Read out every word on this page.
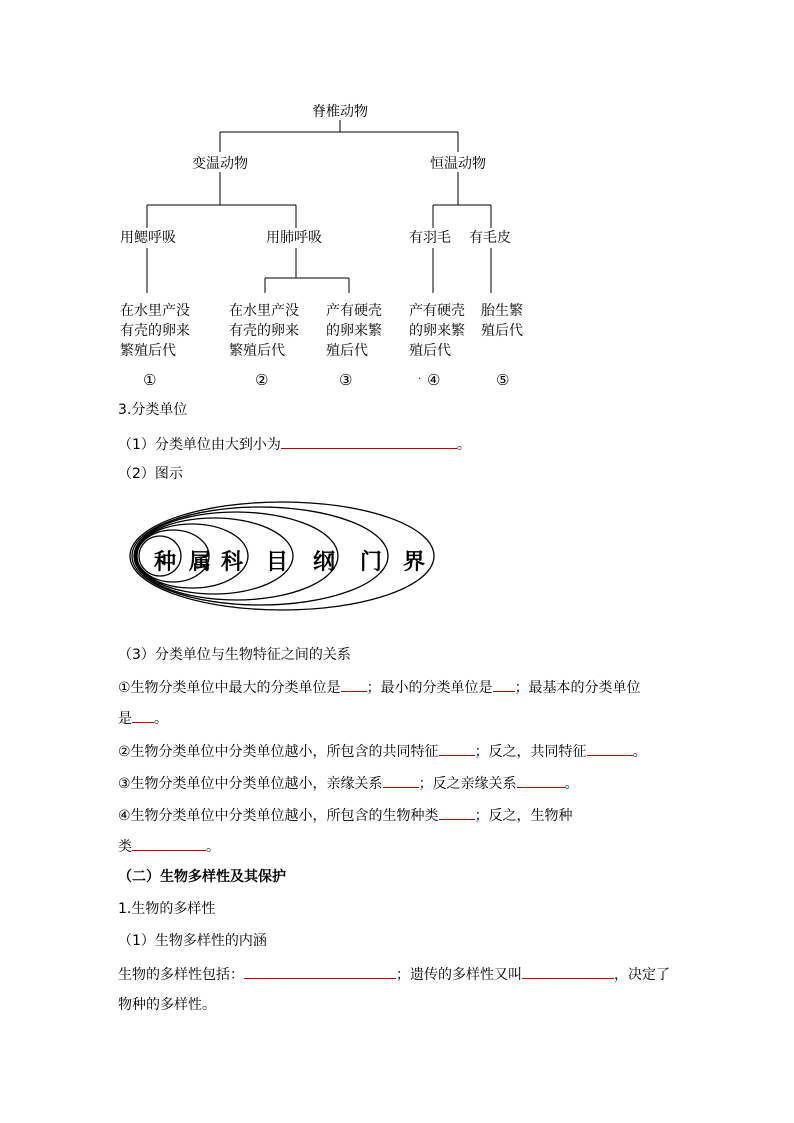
脊椎动物
变温动物	恒温动物
用鳃呼吸	用肺呼吸	有羽毛 有毛皮
在水里产没有壳的卵来繁殖后代
在水里产没有壳的卵来繁殖后代
产有硬壳的卵来繁殖后代
产有硬壳的卵来繁殖后代
胎生繁殖后代
①	②	③	. ④	⑤
3.分类单位
（1）分类单位由大到小为	。
（2）图示
种 属 科 目 纲 门 界
（3）分类单位与生物特征之间的关系
①生物分类单位中最大的分类单位是 ；最小的分类单位是 ；最基本的分类单位
是 。
②生物分类单位中分类单位越小，所包含的共同特征	；反之，共同特征	。
③生物分类单位中分类单位越小，亲缘关系	；反之亲缘关系	。
④生物分类单位中分类单位越小，所包含的生物种类	；反之，生物种
类	。
（二）生物多样性及其保护
1.生物的多样性
（1）生物多样性的内涵
生物的多样性包括：	；遗传的多样性又叫	，决定了
物种的多样性。
